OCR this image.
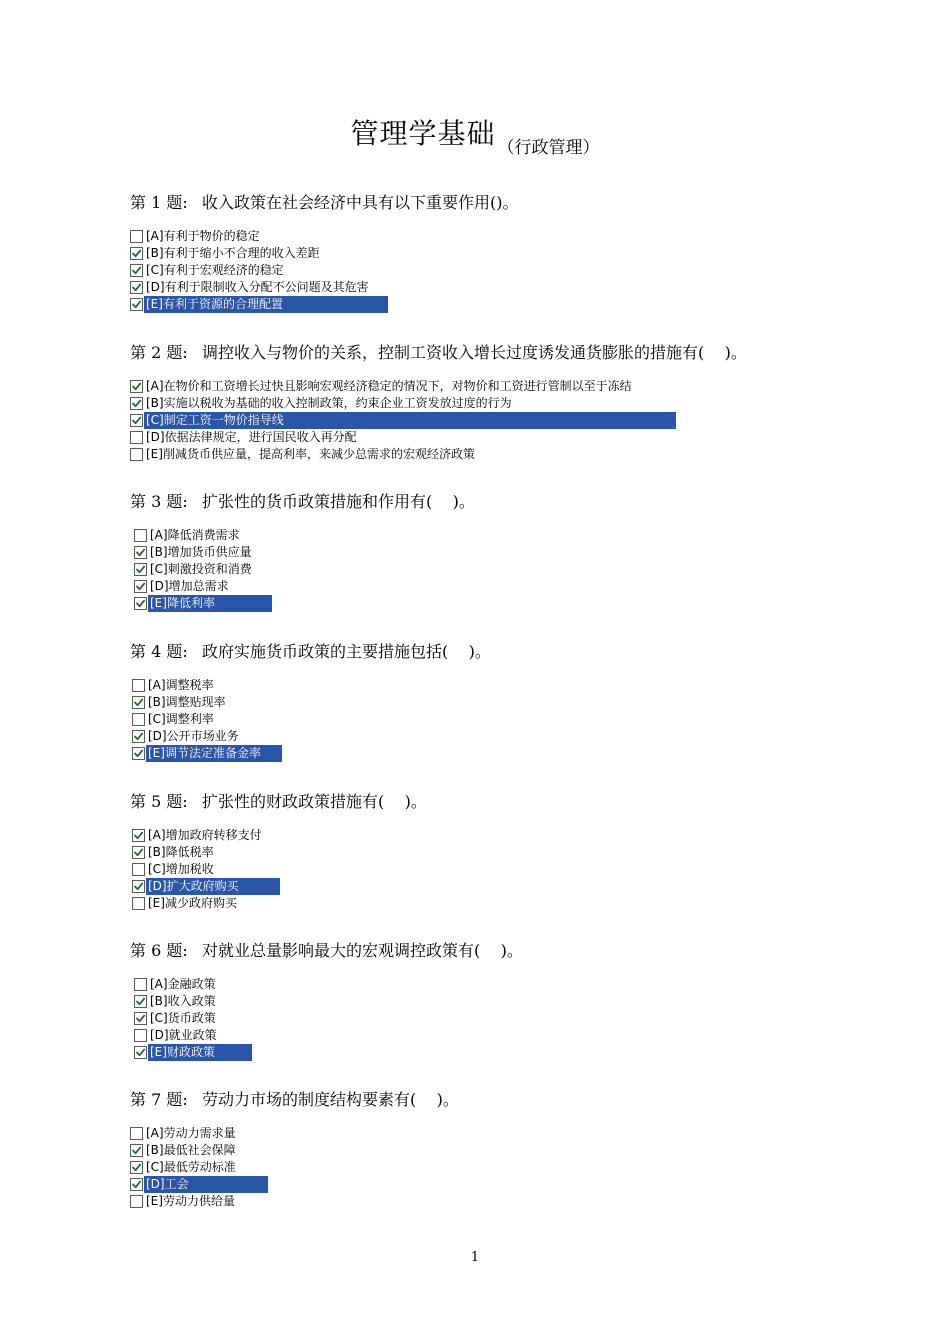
管理学基础 （行政管理）
第 1 题: 收入政策在社会经济中具有以下重要作用()。
[A]有利于物价的稳定
[B]有利于缩小不合理的收入差距
[C]有利于宏观经济的稳定
[D]有利于限制收入分配不公问题及其危害
[E]有利于资源的合理配置
第 2 题: 调控收入与物价的关系，控制工资收入增长过度诱发通货膨胀的措施有(    )。
[A]在物价和工资增长过快且影响宏观经济稳定的情况下，对物价和工资进行管制以至于冻结
[B]实施以税收为基础的收入控制政策，约束企业工资发放过度的行为
[C]制定工资一物价指导线
[D]依据法律规定，进行国民收入再分配
[E]削减货币供应量，提高利率，来减少总需求的宏观经济政策
第 3 题: 扩张性的货币政策措施和作用有(    )。
[A]降低消费需求
[B]增加货币供应量
[C]刺激投资和消费
[D]增加总需求
[E]降低利率
第 4 题: 政府实施货币政策的主要措施包括(    )。
[A]调整税率
[B]调整贴现率
[C]调整利率
[D]公开市场业务
[E]调节法定准备金率
第 5 题: 扩张性的财政政策措施有(    )。
[A]增加政府转移支付
[B]降低税率
[C]增加税收
[D]扩大政府购买
[E]减少政府购买
第 6 题: 对就业总量影响最大的宏观调控政策有(    )。
[A]金融政策
[B]收入政策
[C]货币政策
[D]就业政策
[E]财政政策
第 7 题: 劳动力市场的制度结构要素有(    )。
[A]劳动力需求量
[B]最低社会保障
[C]最低劳动标准
[D]工会
[E]劳动力供给量
1
